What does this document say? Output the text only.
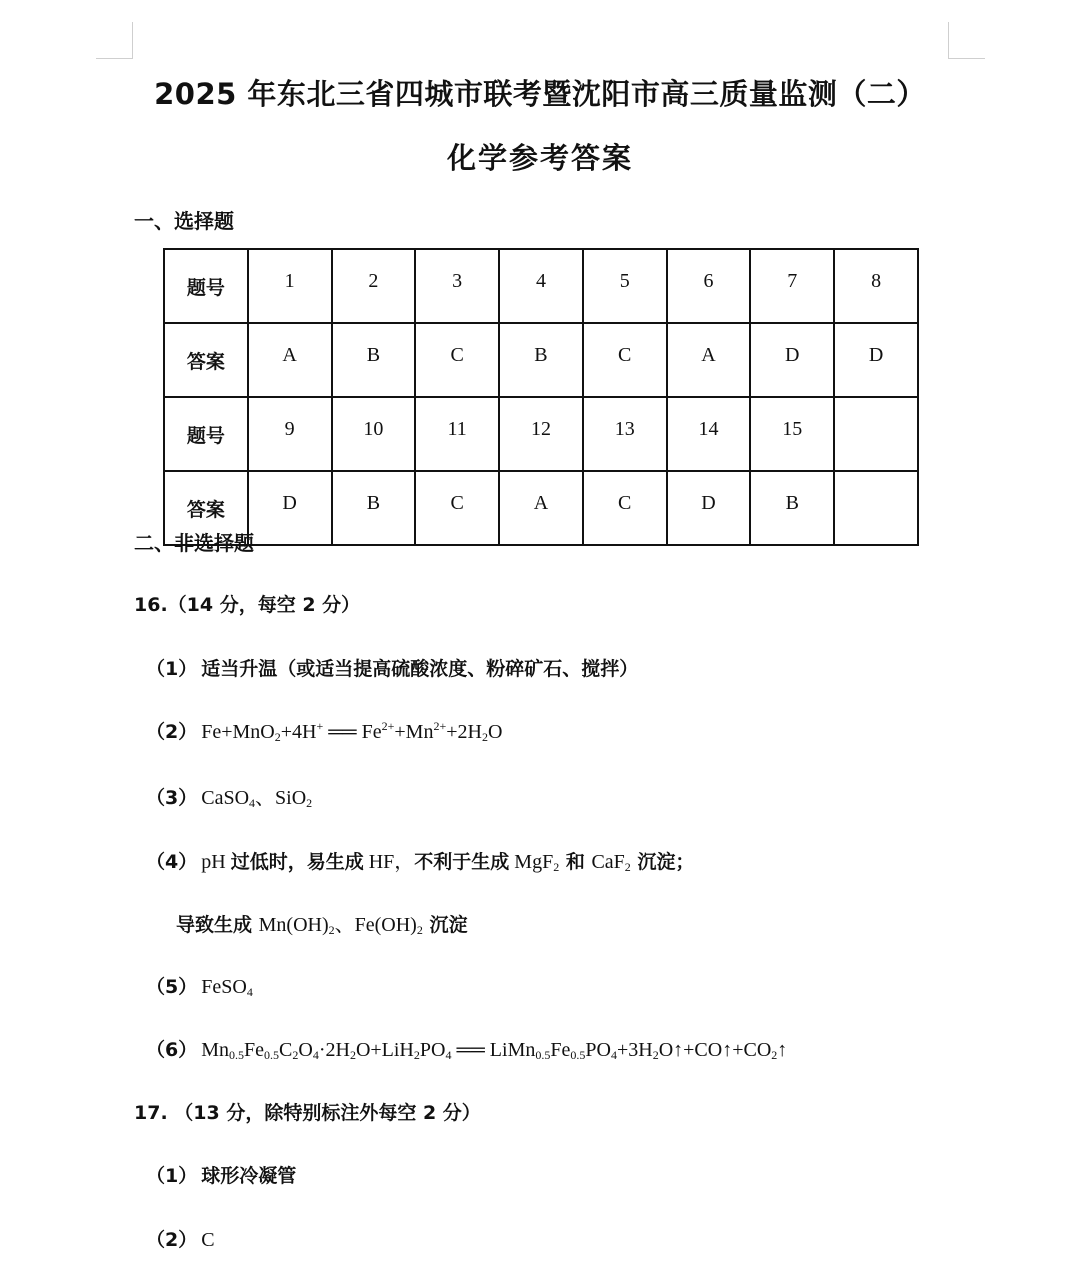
2025 年东北三省四城市联考暨沈阳市高三质量监测（二）
化学参考答案
一、选择题
题号	1	2	3	4	5	6	7	8
答案	A	B	C	B	C	A	D	D
题号	9	10	11	12	13	14	15	
答案	D	B	C	A	C	D	B	
二、非选择题
16.（14 分，每空 2 分）
（1） 适当升温（或适当提高硫酸浓度、粉碎矿石、搅拌）
（2） Fe+MnO$_2$+4H+ ══ $Fe^{2+}+Mn^{2+}+2H_2O$
（3） CaSO$_4$、SiO$_2$
（4） pH 过低时，易生成 HF，不利于生成 MgF$_2$ 和 CaF$_2$ 沉淀；
导致生成 $Mn(OH)_2$、$Fe(OH)_2$ 沉淀
（5） FeSO$_4$
（6） $Mn_{0.5}Fe_{0.5}C_2O_4\cdot 2H_2O+LiH_2PO_4$ ══ $LiMn_{0.5}Fe_{0.5}PO_4+3H_2O↑+CO↑+CO_2↑$
17. （13 分，除特别标注外每空 2 分）
（1） 球形冷凝管
（2） C
